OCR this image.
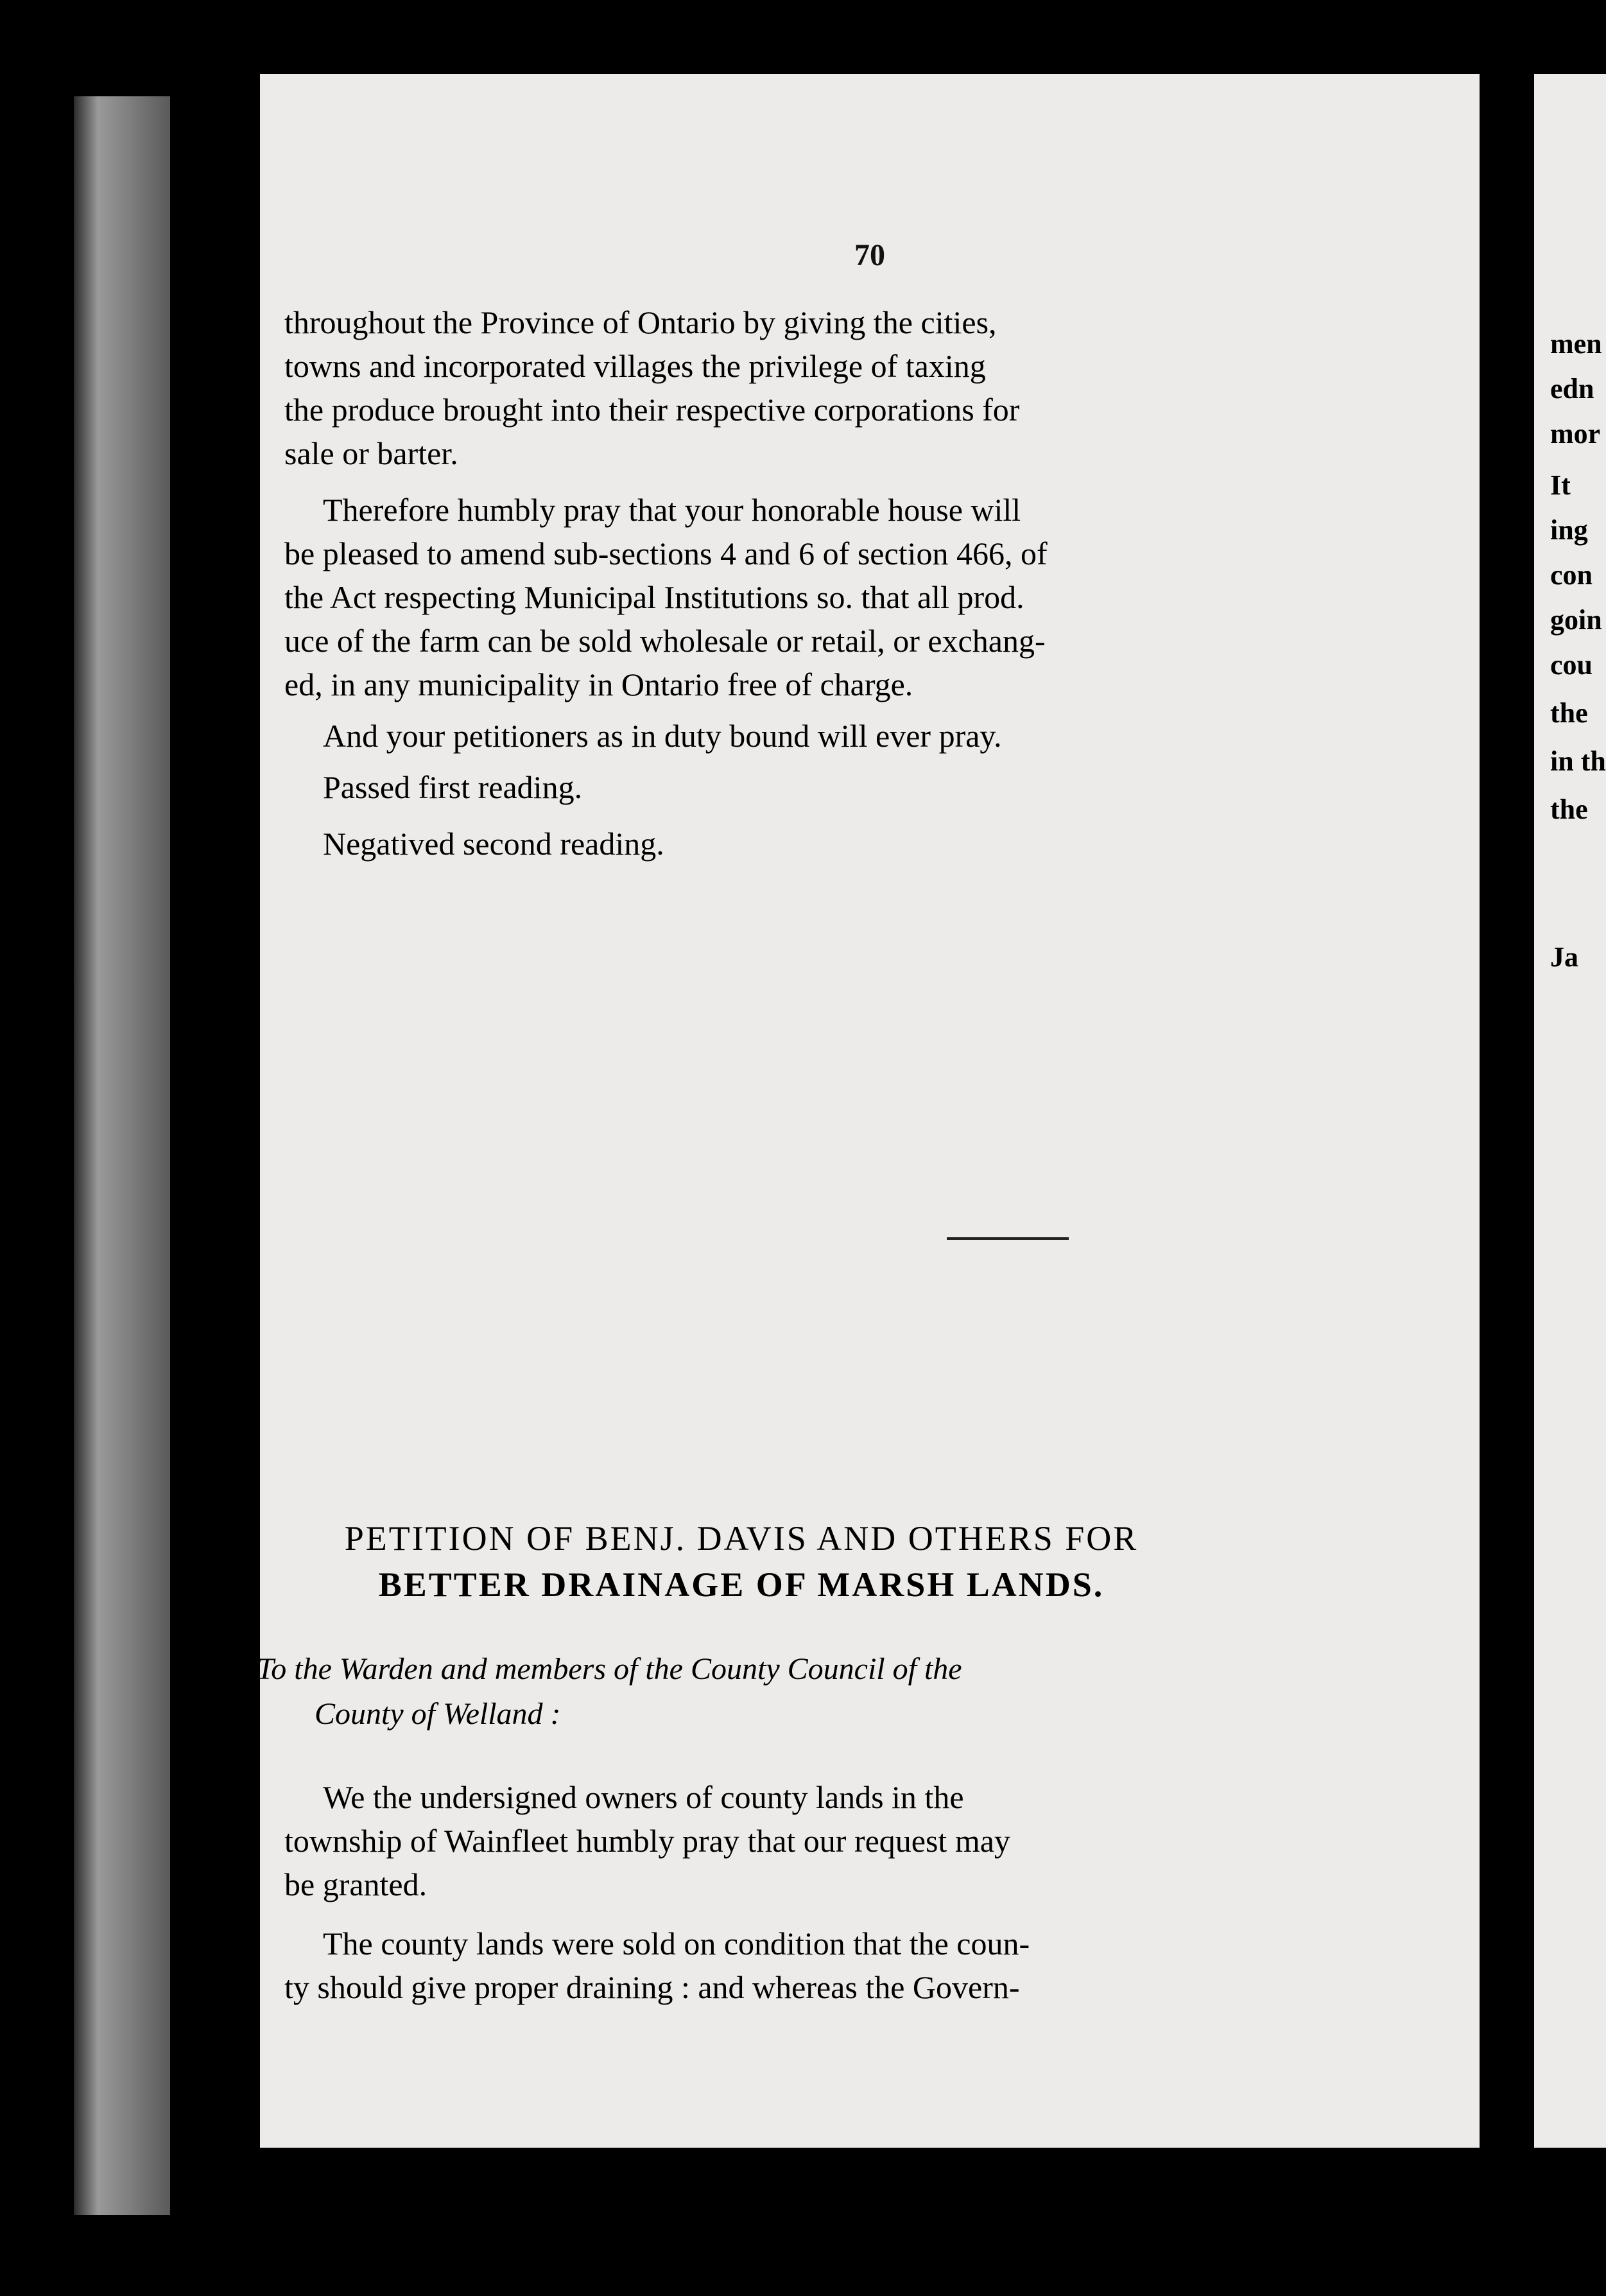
70

throughout the Province of Ontario by giving the cities,
towns and incorporated villages the privilege of taxing
the produce brought into their respective corporations for
sale or barter.

Therefore humbly pray that your honorable house will
be pleased to amend sub-sections 4 and 6 of section 466, of
the Act respecting Municipal Institutions so. that all prod.
uce of the farm can be sold wholesale or retail, or exchang-
ed, in any municipality in Ontario free of charge.

And your petitioners as in duty bound will ever pray.

Passed first reading.

Negatived second reading.

PETITION OF BENJ. DAVIS AND OTHERS FOR
BETTER DRAINAGE OF MARSH LANDS.
To the Warden and members of the County Council of the
County of Welland :

We the undersigned owners of county lands in the
township of Wainfleet humbly pray that our request may
be granted.

The county lands were sold on condition that the coun-
ty should give proper draining : and whereas the Govern-

men
edn
mor
It
ing
con
goin
cou
the
in th
the
Ja
